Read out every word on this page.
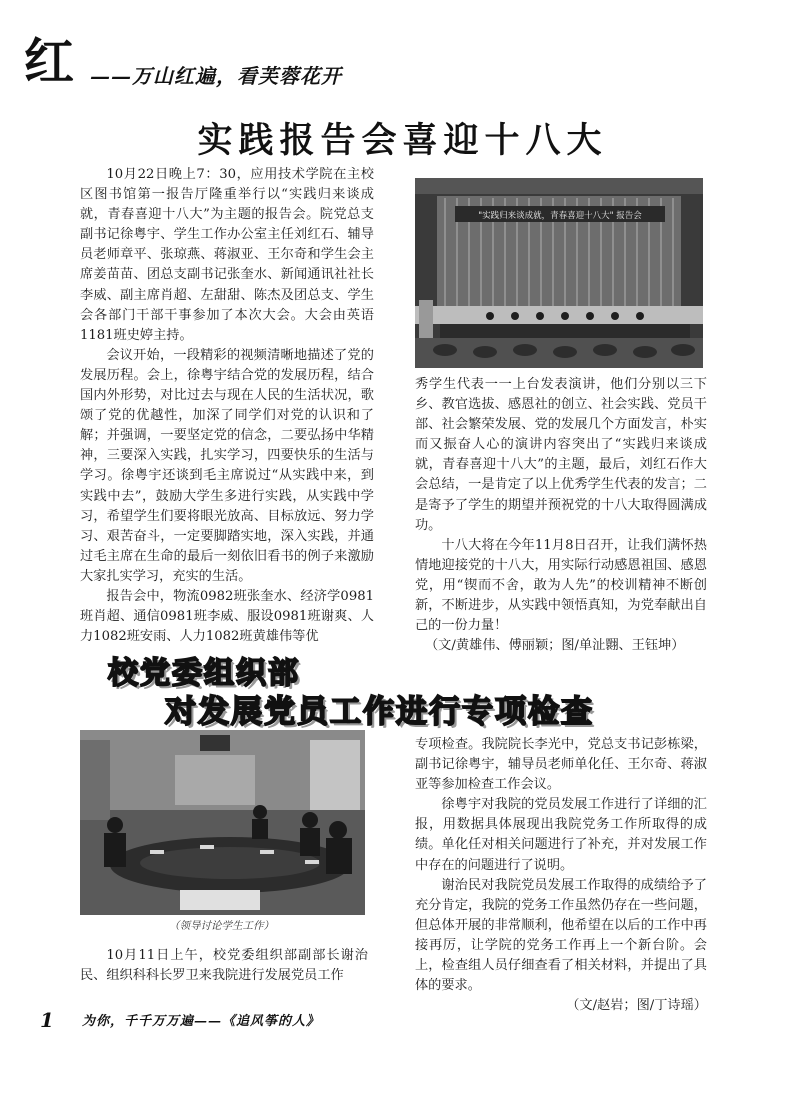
红 ——万山红遍，看芙蓉花开
实践报告会喜迎十八大

10月22日晚上7：30，应用技术学院在主校区图书馆第一报告厅隆重举行以“实践归来谈成就，青春喜迎十八大”为主题的报告会。院党总支副书记徐粤宇、学生工作办公室主任刘红石、辅导员老师章平、张琼燕、蒋淑亚、王尔奇和学生会主席姜苗苗、团总支副书记张奎水、新闻通讯社社长李威、副主席肖超、左甜甜、陈杰及团总支、学生会各部门干部干事参加了本次大会。大会由英语1181班史婷主持。

会议开始，一段精彩的视频清晰地描述了党的发展历程。会上，徐粤宇结合党的发展历程，结合国内外形势，对比过去与现在人民的生活状况，歌颂了党的优越性，加深了同学们对党的认识和了解；并强调，一要坚定党的信念，二要弘扬中华精神，三要深入实践，扎实学习，四要快乐的生活与学习。徐粤宇还谈到毛主席说过“从实践中来，到实践中去”，鼓励大学生多进行实践，从实践中学习，希望学生们要将眼光放高、目标放远、努力学习、艰苦奋斗，一定要脚踏实地，深入实践，并通过毛主席在生命的最后一刻依旧看书的例子来激励大家扎实学习，充实的生活。

报告会中，物流0982班张奎水、经济学0981班肖超、通信0981班李威、服设0981班谢爽、人力1082班安雨、人力1082班黄雄伟等优

"实践归来谈成就，青春喜迎十八大" 报告会

秀学生代表一一上台发表演讲，他们分别以三下乡、教官选拔、感恩社的创立、社会实践、党员干部、社会繁荣发展、党的发展几个方面发言，朴实而又振奋人心的演讲内容突出了“实践归来谈成就，青春喜迎十八大”的主题，最后，刘红石作大会总结，一是肯定了以上优秀学生代表的发言；二是寄予了学生的期望并预祝党的十八大取得圆满成功。

十八大将在今年11月8日召开，让我们满怀热情地迎接党的十八大，用实际行动感恩祖国、感恩党，用“锲而不舍，敢为人先”的校训精神不断创新，不断进步，从实践中领悟真知，为党奉献出自己的一份力量！

（文/黄雄伟、傅丽颖；图/单沚翾、王钰坤）

校党委组织部
对发展党员工作进行专项检查
（领导讨论学生工作）

10月11日上午，校党委组织部副部长谢治民、组织科科长罗卫来我院进行发展党员工作

专项检查。我院院长李光中，党总支书记彭栋梁，副书记徐粤宇，辅导员老师单化任、王尔奇、蒋淑亚等参加检查工作会议。

徐粤宇对我院的党员发展工作进行了详细的汇报，用数据具体展现出我院党务工作所取得的成绩。单化任对相关问题进行了补充，并对发展工作中存在的问题进行了说明。

谢治民对我院党员发展工作取得的成绩给予了充分肯定，我院的党务工作虽然仍存在一些问题，但总体开展的非常顺利，他希望在以后的工作中再接再厉，让学院的党务工作再上一个新台阶。会上，检查组人员仔细查看了相关材料，并提出了具体的要求。

（文/赵岩；图/丁诗瑶）

1 为你，千千万万遍——《追风筝的人》
